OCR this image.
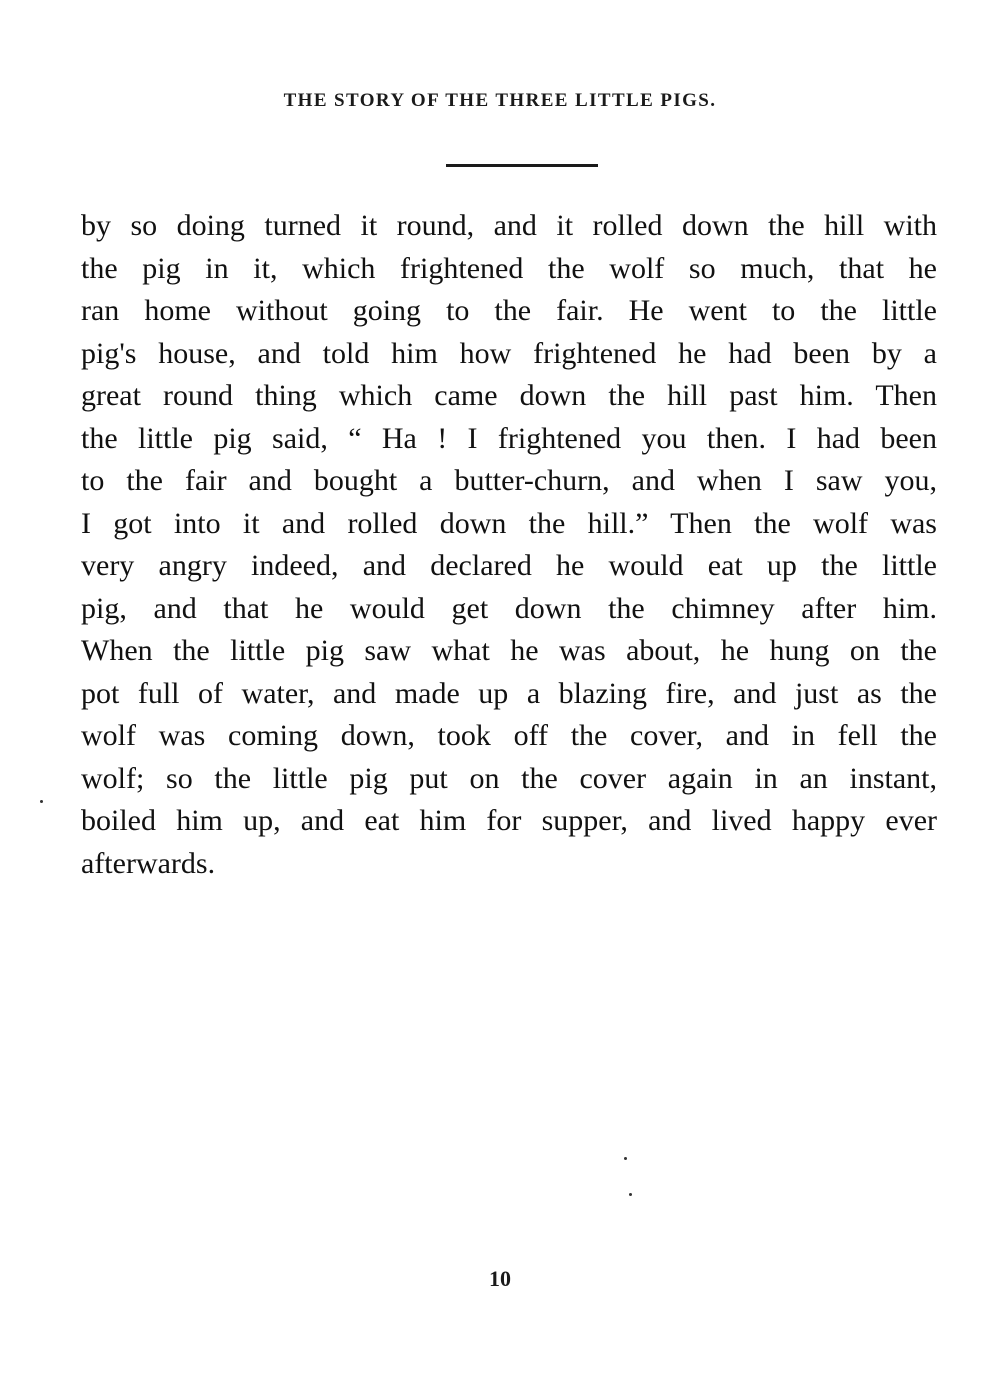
THE STORY OF THE THREE LITTLE PIGS.
by so doing turned it round, and it rolled down the hill with
the pig in it, which frightened the wolf so much, that he
ran home without going to the fair. He went to the little
pig's house, and told him how frightened he had been by a
great round thing which came down the hill past him. Then
the little pig said, “ Ha ! I frightened you then. I had been
to the fair and bought a butter-churn, and when I saw you,
I got into it and rolled down the hill.” Then the wolf was
very angry indeed, and declared he would eat up the little
pig, and that he would get down the chimney after him.
When the little pig saw what he was about, he hung on the
pot full of water, and made up a blazing fire, and just as the
wolf was coming down, took off the cover, and in fell the
wolf; so the little pig put on the cover again in an instant,
boiled him up, and eat him for supper, and lived happy ever
afterwards.
10
